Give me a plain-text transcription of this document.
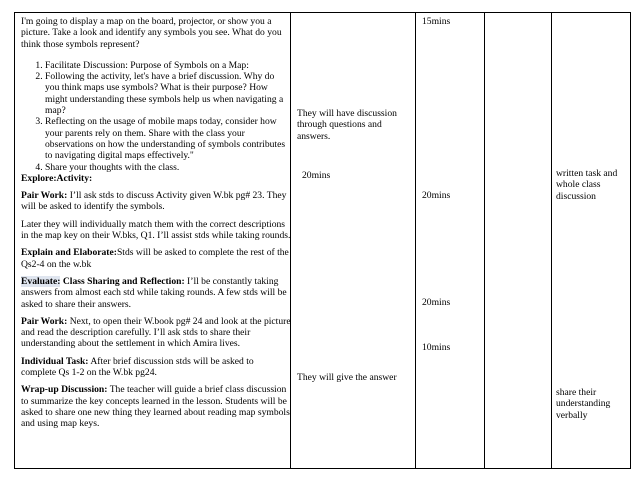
I'm going to display a map on the board, projector, or show you a picture. Take a look and identify any symbols you see. What do you think those symbols represent?

1. Facilitate Discussion: Purpose of Symbols on a Map:
2. Following the activity, let's have a brief discussion. Why do you think maps use symbols? What is their purpose? How might understanding these symbols help us when navigating a map?
3. Reflecting on the usage of mobile maps today, consider how your parents rely on them. Share with the class your observations on how the understanding of symbols contributes to navigating digital maps effectively."
4. Share your thoughts with the class.

Explore:Activity:

Pair Work: I’ll ask stds to discuss Activity given W.bk pg# 23. They will be asked to identify the symbols.

Later they will individually match them with the correct descriptions in the map key on their W.bks, Q1. I’ll assist stds while taking rounds.

Explain and Elaborate:Stds will be asked to complete the rest of the Qs2-4 on the w.bk

Evaluate: Class Sharing and Reflection: I’ll be constantly taking answers from almost each std while taking rounds. A few stds will be asked to share their answers.

Pair Work: Next, to open their W.book pg# 24 and look at the picture and read the description carefully. I’ll ask stds to share their understanding about the settlement in which Amira lives.

Individual Task: After brief discussion stds will be asked to complete Qs 1-2 on the W.bk pg24.

Wrap-up Discussion: The teacher will guide a brief class discussion to summarize the key concepts learned in the lesson. Students will be asked to share one new thing they learned about reading map symbols and using map keys.

They will have discussion through questions and answers.
20mins
They will give the answer
15mins
20mins
20mins
10mins
written task and whole class discussion
share their understanding verbally
